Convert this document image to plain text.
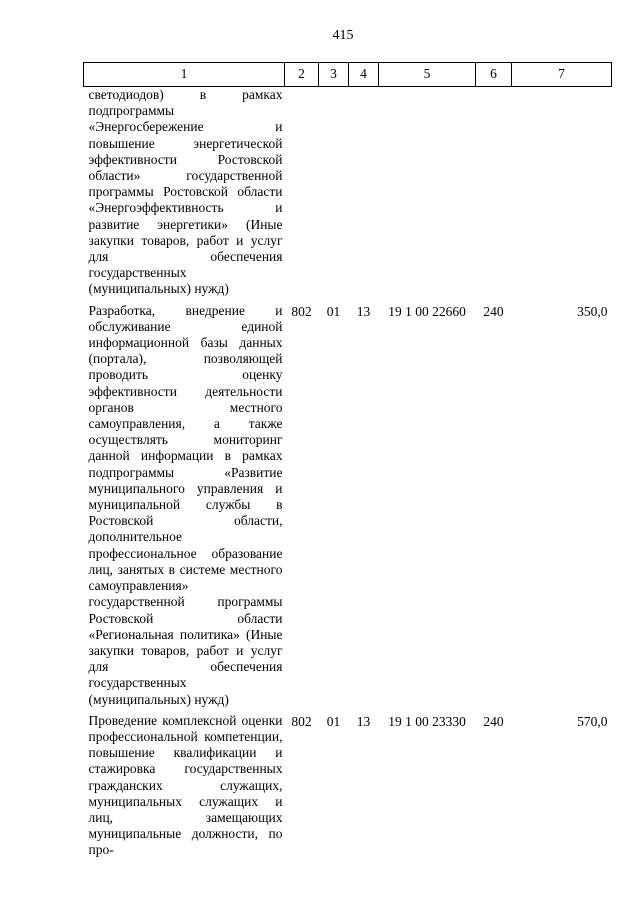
415
1	2	3	4	5	6	7
светодиодов) в рамках подпрограммы «Энергосбережение и повышение энергетической эффективности Ростовской области» государственной программы Ростовской области «Энергоэффективность и развитие энергетики» (Иные закупки товаров, работ и услуг для обеспечения государственных (муниципальных) нужд)						
Разработка, внедрение и обслуживание единой информационной базы данных (портала), позволяющей проводить оценку эффективности деятельности органов местного самоуправления, а также осуществлять мониторинг данной информации в рамках подпрограммы «Развитие муниципального управления и муниципальной службы в Ростовской области, дополнительное профессиональное образование лиц, занятых в системе местного самоуправления» государственной программы Ростовской области «Региональная политика» (Иные закупки товаров, работ и услуг для обеспечения государственных (муниципальных) нужд)	802	01	13	19 1 00 22660	240	350,0
Проведение комплексной оценки профессиональной компетенции, повышение квалификации и стажировка государственных гражданских служащих, муниципальных служащих и лиц, замещающих муниципальные должности, по про-	802	01	13	19 1 00 23330	240	570,0
